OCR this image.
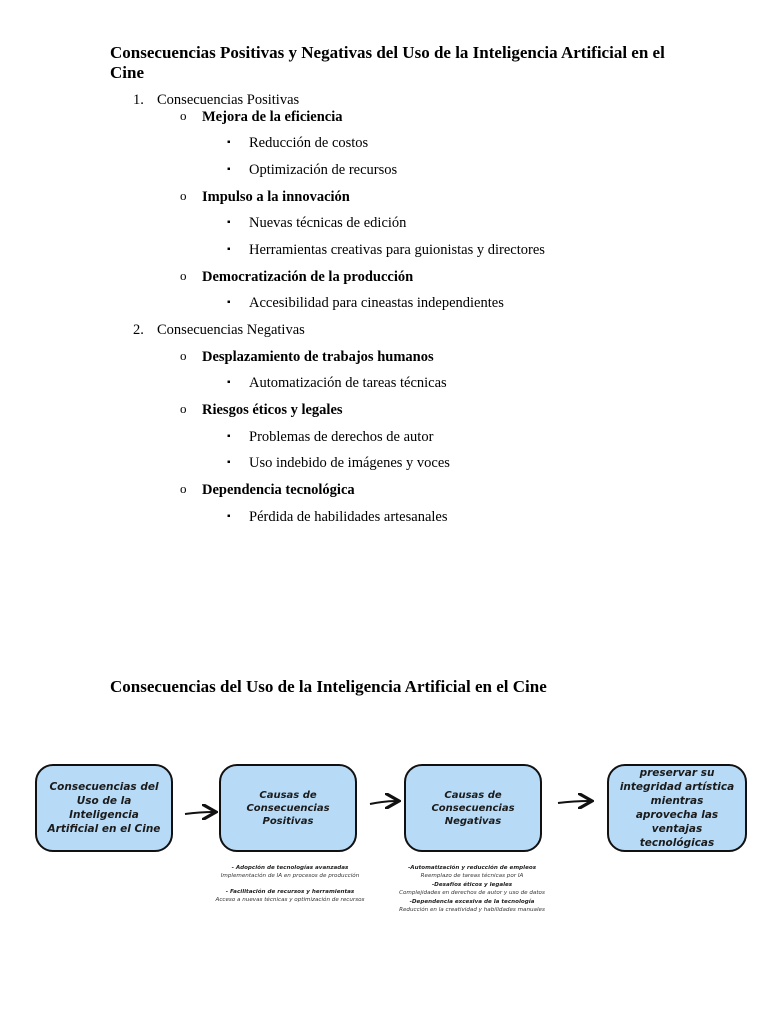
Consecuencias Positivas y Negativas del Uso de la Inteligencia Artificial en el Cine
1. Consecuencias Positivas
o Mejora de la eficiencia
▪ Reducción de costos
▪ Optimización de recursos
o Impulso a la innovación
▪ Nuevas técnicas de edición
▪ Herramientas creativas para guionistas y directores
o Democratización de la producción
▪ Accesibilidad para cineastas independientes
2. Consecuencias Negativas
o Desplazamiento de trabajos humanos
▪ Automatización de tareas técnicas
o Riesgos éticos y legales
▪ Problemas de derechos de autor
▪ Uso indebido de imágenes y voces
o Dependencia tecnológica
▪ Pérdida de habilidades artesanales
Consecuencias del Uso de la Inteligencia Artificial en el Cine
Consecuencias del Uso de la Inteligencia Artificial en el Cine
Causas de Consecuencias Positivas
Causas de Consecuencias Negativas
preservar su integridad artística mientras aprovecha las ventajas tecnológicas
- Adopción de tecnologías avanzadas
Implementación de IA en procesos de producción
- Facilitación de recursos y herramientas
Acceso a nuevas técnicas y optimización de recursos
-Automatización y reducción de empleos
Reemplazo de tareas técnicas por IA
-Desafíos éticos y legales
Complejidades en derechos de autor y uso de datos
-Dependencia excesiva de la tecnología
Reducción en la creatividad y habilidades manuales
